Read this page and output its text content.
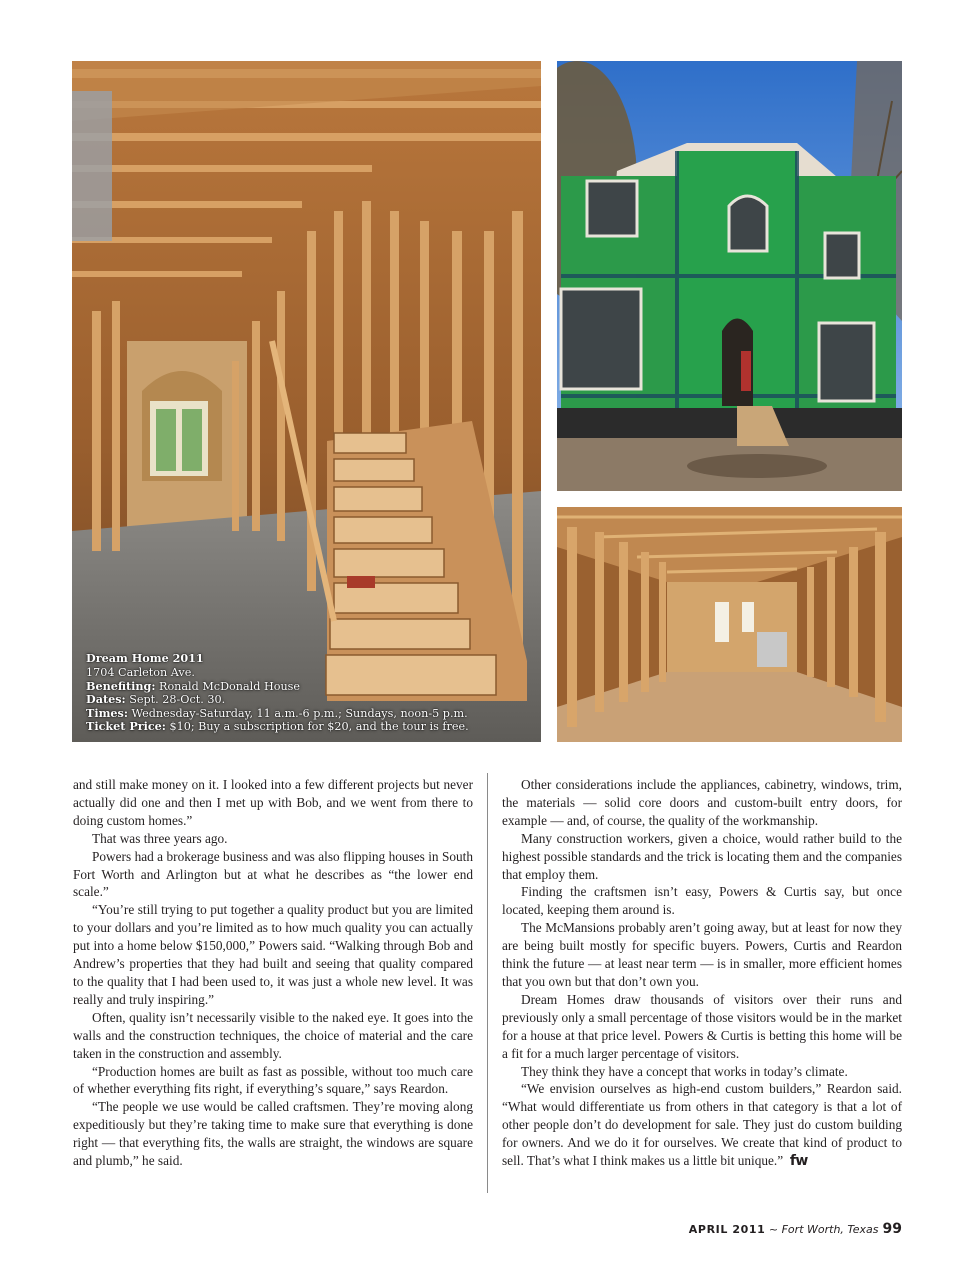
Dream Home 2011
1704 Carleton Ave.
Benefiting: Ronald McDonald House
Dates: Sept. 28-Oct. 30.
Times: Wednesday-Saturday, 11 a.m.-6 p.m.; Sundays, noon-5 p.m.
Ticket Price: $10; Buy a subscription for $20, and the tour is free.

and still make money on it. I looked into a few different projects but never actually did one and then I met up with Bob, and we went from there to doing custom homes.”

That was three years ago.

Powers had a brokerage business and was also flipping houses in South Fort Worth and Arlington but at what he describes as “the lower end scale.”

“You’re still trying to put together a quality product but you are limited to your dollars and you’re limited as to how much quality you can actually put into a home below $150,000,” Powers said. “Walking through Bob and Andrew’s properties that they had built and seeing that quality compared to the quality that I had been used to, it was just a whole new level. It was really and truly inspiring.”

Often, quality isn’t necessarily visible to the naked eye. It goes into the walls and the construction techniques, the choice of material and the care taken in the construction and assembly.

“Production homes are built as fast as possible, without too much care of whether everything fits right, if everything’s square,” says Reardon.

“The people we use would be called craftsmen. They’re moving along expeditiously but they’re taking time to make sure that everything is done right — that everything fits, the walls are straight, the windows are square and plumb,” he said.

Other considerations include the appliances, cabinetry, windows, trim, the materials — solid core doors and custom-built entry doors, for example — and, of course, the quality of the workmanship.

Many construction workers, given a choice, would rather build to the highest possible standards and the trick is locating them and the companies that employ them.

Finding the craftsmen isn’t easy, Powers & Curtis say, but once located, keeping them around is.

The McMansions probably aren’t going away, but at least for now they are being built mostly for specific buyers. Powers, Curtis and Reardon think the future — at least near term — is in smaller, more efficient homes that you own but that don’t own you.

Dream Homes draw thousands of visitors over their runs and previously only a small percentage of those visitors would be in the market for a house at that price level. Powers & Curtis is betting this home will be a fit for a much larger percentage of visitors.

They think they have a concept that works in today’s climate.

“We envision ourselves as high-end custom builders,” Reardon said. “What would differentiate us from others in that category is that a lot of other people don’t do development for sale. They just do custom building for owners. And we do it for ourselves. We create that kind of product to sell. That’s what I think makes us a little bit unique.” fw

APRIL 2011 ~ Fort Worth, Texas 99
